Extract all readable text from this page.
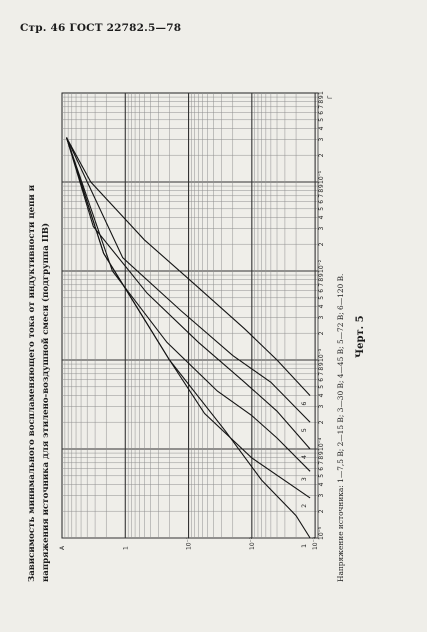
Стр. 46 ГОСТ 22782.5—78
10⁻⁵
2
3
4
5
6
7
8
9
10⁻⁴
2
3
4
5
6
7
8
9
10⁻³
2
3
4
5
6
7
8
9
10⁻²
2
3
4
5
6
7
8
9
10⁻¹
2
3
4
5
6
7
8
9
1
Г
10⁻³
10⁻²
10⁻¹
1
А	1
2
3
4
5
6
Зависимость минимального воспламеняющего тока от индуктивности цепи и напряжения источника для этилено-воздушной смеси (подгруппа IIВ)	Напряжение источника: 1—7,5 В; 2—15 В; 3—30 В; 4—45 В; 5—72 В; 6—120 В. Черт. 5
